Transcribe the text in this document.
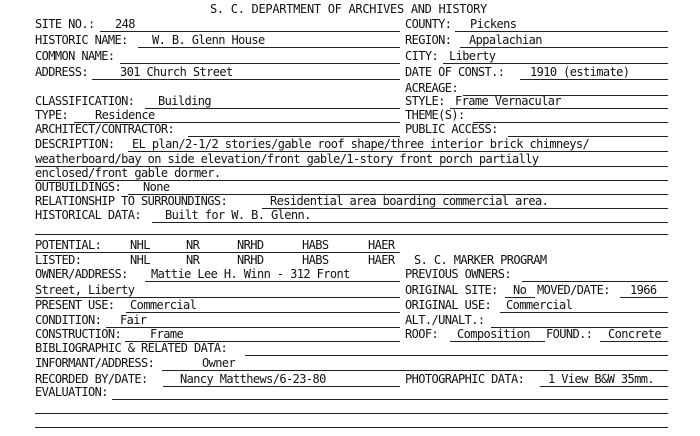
S. C. DEPARTMENT OF ARCHIVES AND HISTORY
SITE NO.: 248	COUNTY: Pickens
HISTORIC NAME: W. B. Glenn House	REGION: Appalachian
COMMON NAME:	CITY: Liberty
ADDRESS:	301 Church Street	DATE OF CONST.: 1910 (estimate)
ACREAGE:
CLASSIFICATION: Building	STYLE: Frame Vernacular
TYPE: Residence	THEME(S):
ARCHITECT/CONTRACTOR:	PUBLIC ACCESS:
DESCRIPTION: EL plan/2-1/2 stories/gable roof shape/three interior brick chimneys/
weatherboard/bay on side elevation/front gable/1-story front porch partially
enclosed/front gable dormer.
OUTBUILDINGS: None
RELATIONSHIP TO SURROUNDINGS:	Residential area boarding commercial area.
HISTORICAL DATA: Built for W. B. Glenn.
POTENTIAL: NHL	NR	NRHD	HABS	HAER
LISTED:	NHL	NR	NRHD	HABS	HAER S. C. MARKER PROGRAM
OWNER/ADDRESS: Mattie Lee H. Winn - 312 Front	PREVIOUS OWNERS:
Street, Liberty	ORIGINAL SITE: No MOVED/DATE: 1966
PRESENT USE: Commercial	ORIGINAL USE: Commercial
CONDITION: Fair	ALT./UNALT.:
CONSTRUCTION: Frame	ROOF: Composition FOUND.: Concrete
BIBLIOGRAPHIC & RELATED DATA:
INFORMANT/ADDRESS:	Owner
RECORDED BY/DATE:	Nancy Matthews/6-23-80	PHOTOGRAPHIC DATA: 1 View B&W 35mm.
EVALUATION:
